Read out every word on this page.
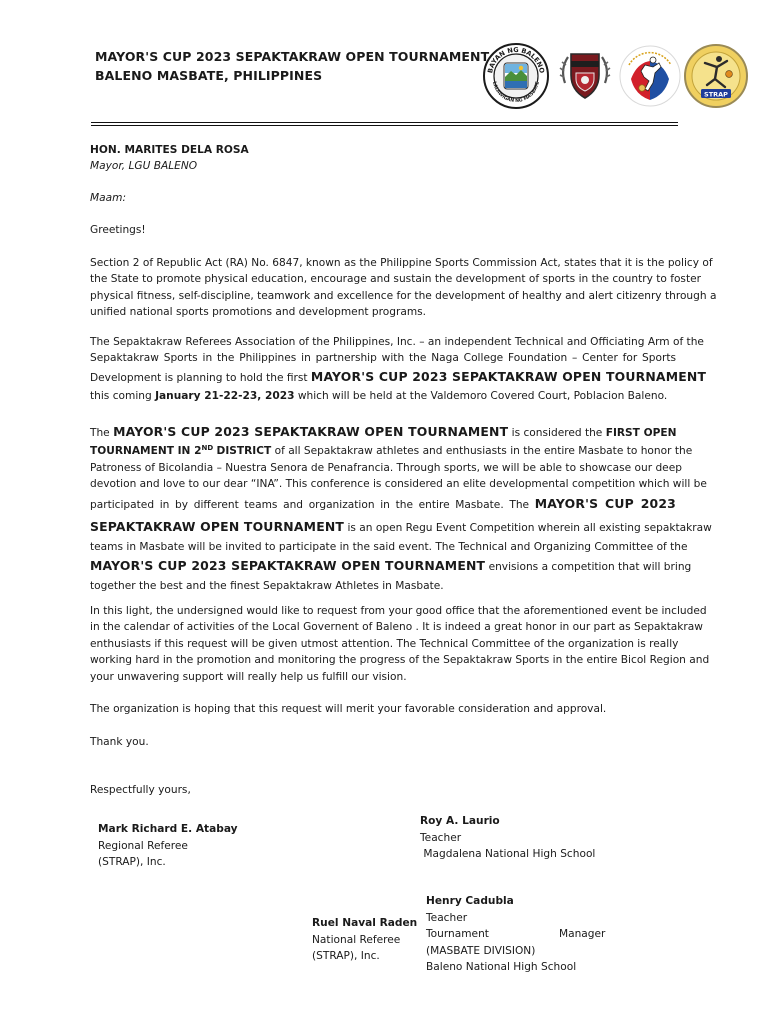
MAYOR'S CUP 2023 SEPAKTAKRAW OPEN TOURNAMENT
BALENO MASBATE, PHILIPPINES	BAYAN NG BALENO
LALAWIGAN NG MASBATE
STRAP
HON. MARITES DELA ROSA
Mayor, LGU BALENO
Maam:
Greetings!
Section 2 of Republic Act (RA) No. 6847, known as the Philippine Sports Commission Act, states that it is the policy of
the State to promote physical education, encourage and sustain the development of sports in the country to foster
physical fitness, self-discipline, teamwork and excellence for the development of healthy and alert citizenry through a
unified national sports promotions and development programs.
The Sepaktakraw Referees Association of the Philippines, Inc. – an independent Technical and Officiating Arm of the
Sepaktakraw Sports in the Philippines in partnership with the Naga College Foundation – Center for Sports
Development is planning to hold the first MAYOR'S CUP 2023 SEPAKTAKRAW OPEN TOURNAMENT
this coming January 21-22-23, 2023 which will be held at the Valdemoro Covered Court, Poblacion Baleno.
The MAYOR'S CUP 2023 SEPAKTAKRAW OPEN TOURNAMENT is considered the FIRST OPEN
TOURNAMENT IN 2ND DISTRICT of all Sepaktakraw athletes and enthusiasts in the entire Masbate to honor the
Patroness of Bicolandia – Nuestra Senora de Penafrancia. Through sports, we will be able to showcase our deep
devotion and love to our dear “INA”. This conference is considered an elite developmental competition which will be
participated in by different teams and organization in the entire Masbate. The MAYOR'S CUP 2023
SEPAKTAKRAW OPEN TOURNAMENT is an open Regu Event Competition wherein all existing sepaktakraw
teams in Masbate will be invited to participate in the said event. The Technical and Organizing Committee of the
MAYOR'S CUP 2023 SEPAKTAKRAW OPEN TOURNAMENT envisions a competition that will bring
together the best and the finest Sepaktakraw Athletes in Masbate.
In this light, the undersigned would like to request from your good office that the aforementioned event be included
in the calendar of activities of the Local Governent of Baleno . It is indeed a great honor in our part as Sepaktakraw
enthusiasts if this request will be given utmost attention. The Technical Committee of the organization is really
working hard in the promotion and monitoring the progress of the Sepaktakraw Sports in the entire Bicol Region and
your unwavering support will really help us fulfill our vision.
The organization is hoping that this request will merit your favorable consideration and approval.
Thank you.
Respectfully yours,
Mark Richard E. Atabay
Regional Referee
(STRAP), Inc.
Roy A. Laurio
Teacher
Magdalena National High School
Henry Cadubla
Teacher
Tournament	Manager
(MASBATE DIVISION)
Baleno National High School
Ruel Naval Raden
National Referee
(STRAP), Inc.
